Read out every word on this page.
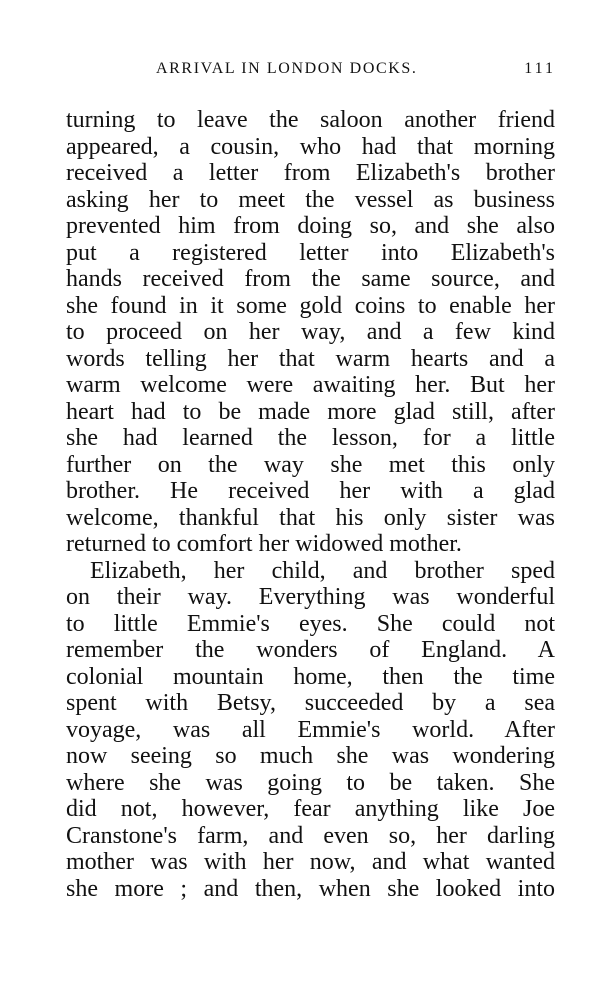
ARRIVAL IN LONDON DOCKS.	111
turning to leave the saloon another friend
appeared, a cousin, who had that morning
received a letter from Elizabeth's brother
asking her to meet the vessel as business
prevented him from doing so, and she also
put a registered letter into Elizabeth's
hands received from the same source, and
she found in it some gold coins to enable her
to proceed on her way, and a few kind
words telling her that warm hearts and a
warm welcome were awaiting her. But her
heart had to be made more glad still, after
she had learned the lesson, for a little
further on the way she met this only
brother. He received her with a glad
welcome, thankful that his only sister was
returned to comfort her widowed mother.
Elizabeth, her child, and brother sped
on their way. Everything was wonderful
to little Emmie's eyes. She could not
remember the wonders of England. A
colonial mountain home, then the time
spent with Betsy, succeeded by a sea
voyage, was all Emmie's world. After
now seeing so much she was wondering
where she was going to be taken. She
did not, however, fear anything like Joe
Cranstone's farm, and even so, her darling
mother was with her now, and what wanted
she more ; and then, when she looked into
